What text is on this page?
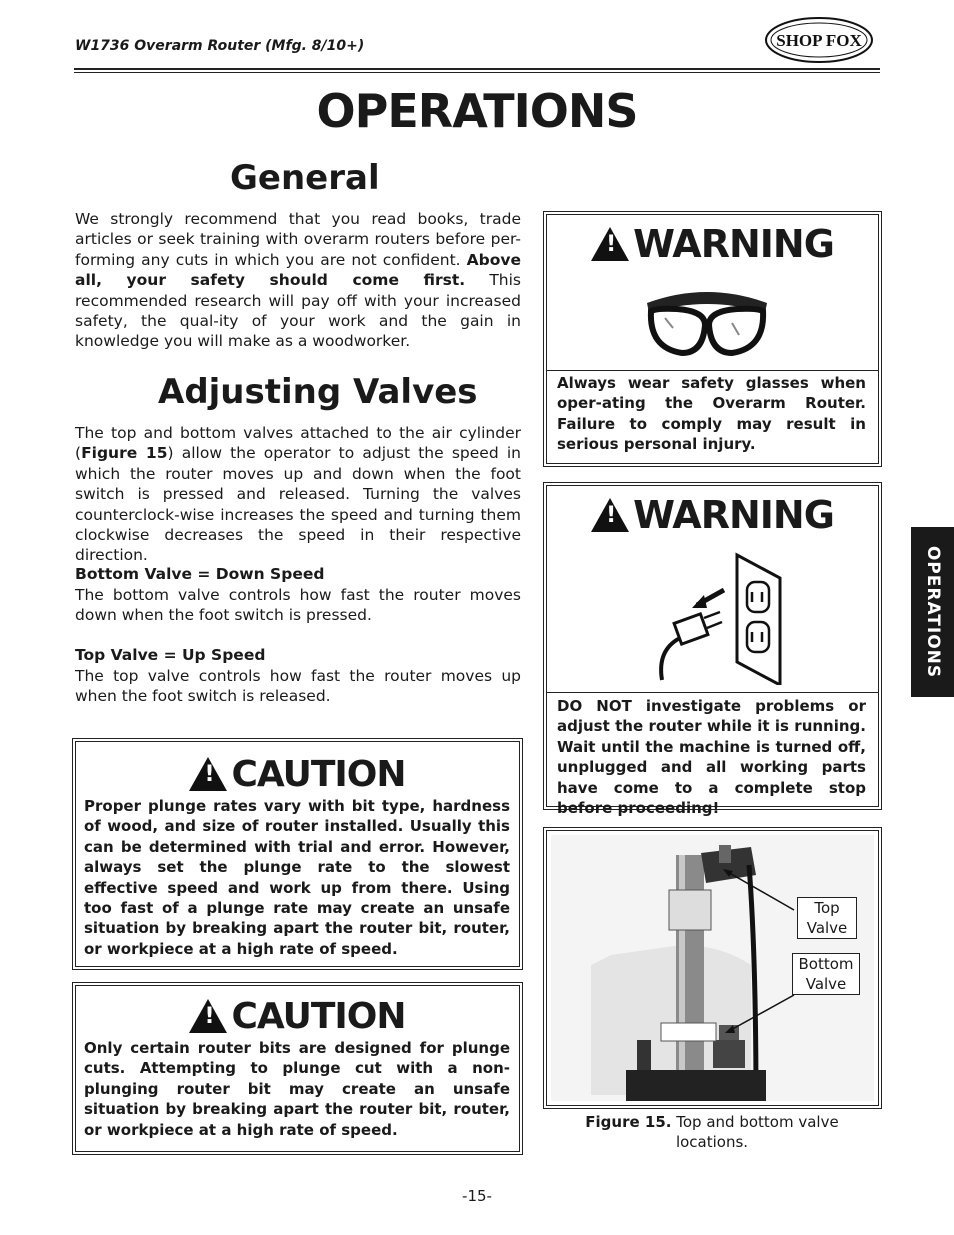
W1736 Overarm Router (Mfg. 8/10+)	SHOP FOX
OPERATIONS
General
We strongly recommend that you read books, trade articles or seek training with overarm routers before per-forming any cuts in which you are not confident. Above all, your safety should come first. This recommended research will pay off with your increased safety, the qual-ity of your work and the gain in knowledge you will make as a woodworker.
Adjusting Valves
The top and bottom valves attached to the air cylinder (Figure 15) allow the operator to adjust the speed in which the router moves up and down when the foot switch is pressed and released. Turning the valves counterclock-wise increases the speed and turning them clockwise decreases the speed in their respective direction.
Bottom Valve = Down Speed
The bottom valve controls how fast the router moves down when the foot switch is pressed.
Top Valve = Up Speed
The top valve controls how fast the router moves up when the foot switch is released.
! CAUTION
Proper plunge rates vary with bit type, hardness of wood, and size of router installed. Usually this can be determined with trial and error. However, always set the plunge rate to the slowest effective speed and work up from there. Using too fast of a plunge rate may create an unsafe situation by breaking apart the router bit, router, or workpiece at a high rate of speed.
! CAUTION
Only certain router bits are designed for plunge cuts. Attempting to plunge cut with a non-plunging router bit may create an unsafe situation by breaking apart the router bit, router, or workpiece at a high rate of speed.
! WARNING
Always wear safety glasses when oper-ating the Overarm Router. Failure to comply may result in serious personal injury.
! WARNING
DO NOT investigate problems or adjust the router while it is running. Wait until the machine is turned off, unplugged and all working parts have come to a complete stop before proceeding!
Top Valve
Bottom Valve
Figure 15. Top and bottom valve locations.
OPERATIONS
-15-
